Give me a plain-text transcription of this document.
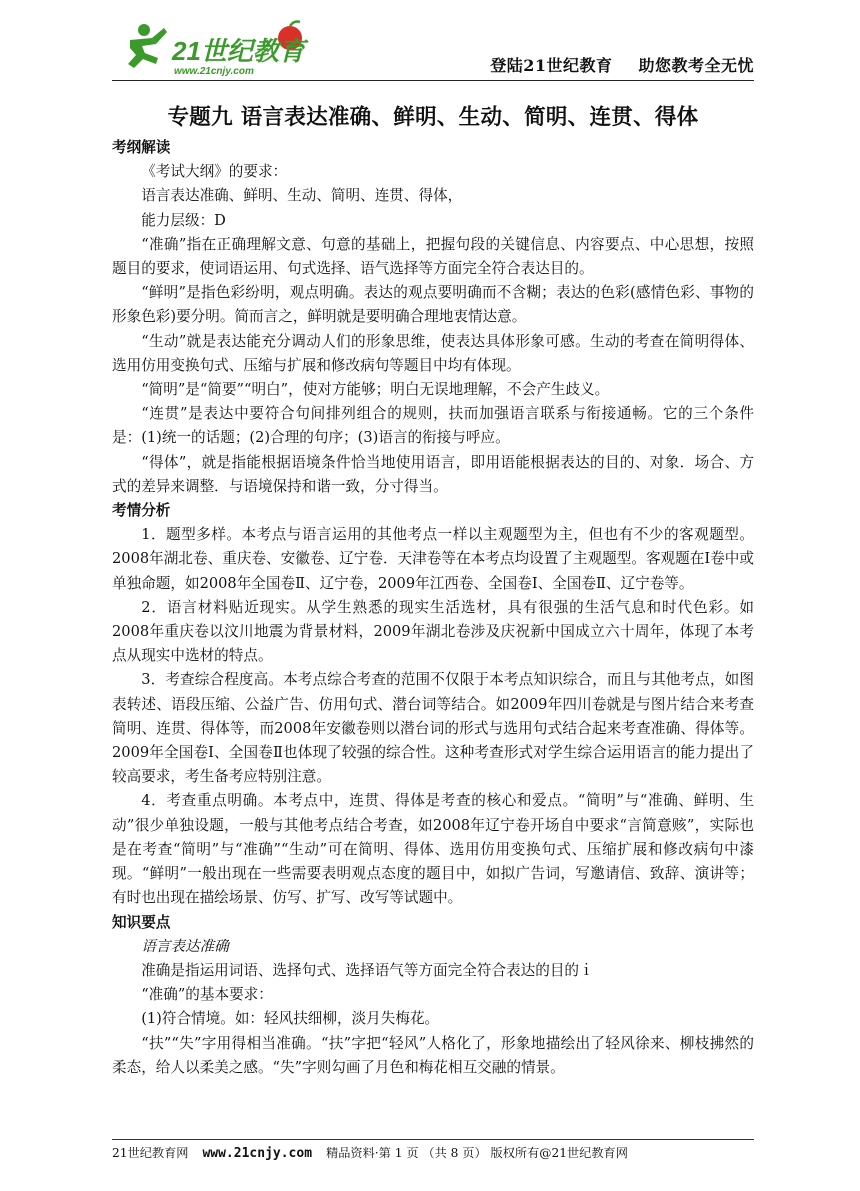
21世纪教育
www.21cnjy.com	登陆21世纪教育 助您教考全无忧
专题九 语言表达准确、鲜明、生动、简明、连贯、得体

考纲解读

《考试大纲》的要求：

语言表达准确、鲜明、生动、简明、连贯、得体，

能力层级：D

“准确”指在正确理解文意、句意的基础上，把握句段的关键信息、内容要点、中心思想，按照题目的要求，使词语运用、句式选择、语气选择等方面完全符合表达目的。

“鲜明”是指色彩纷明，观点明确。表达的观点要明确而不含糊；表达的色彩(感情色彩、事物的形象色彩)要分明。简而言之，鲜明就是要明确合理地衷情达意。

“生动”就是表达能充分调动人们的形象思维，使表达具体形象可感。生动的考查在简明得体、选用仿用变换句式、压缩与扩展和修改病句等题目中均有体现。

“简明”是“简要”“明白”，使对方能够；明白无误地理解，不会产生歧义。

“连贯”是表达中要符合句间排列组合的规则，扶而加强语言联系与衔接通畅。它的三个条件是：(1)统一的话题；(2)合理的句序；(3)语言的衔接与呼应。

“得体”，就是指能根据语境条件恰当地使用语言，即用语能根据表达的目的、对象．场合、方式的差异来调整．与语境保持和谐一致，分寸得当。

考情分析

1．题型多样。本考点与语言运用的其他考点一样以主观题型为主，但也有不少的客观题型。2008年湖北卷、重庆卷、安徽卷、辽宁卷．天津卷等在本考点均设置了主观题型。客观题在Ⅰ卷中或单独命题，如2008年全国卷Ⅱ、辽宁卷，2009年江西卷、全国卷Ⅰ、全国卷Ⅱ、辽宁卷等。

2．语言材料贴近现实。从学生熟悉的现实生活选材，具有很强的生活气息和时代色彩。如2008年重庆卷以汶川地震为背景材料，2009年湖北卷涉及庆祝新中国成立六十周年，体现了本考点从现实中选材的特点。

3．考查综合程度高。本考点综合考查的范围不仅限于本考点知识综合，而且与其他考点，如图表转述、语段压缩、公益广告、仿用句式、潜台词等结合。如2009年四川卷就是与图片结合来考查简明、连贯、得体等，而2008年安徽卷则以潜台词的形式与选用句式结合起来考查准确、得体等。2009年全国卷Ⅰ、全国卷Ⅱ也体现了较强的综合性。这种考查形式对学生综合运用语言的能力提出了较高要求，考生备考应特别注意。

4．考查重点明确。本考点中，连贯、得体是考查的核心和爱点。“简明”与“准确、鲜明、生动”很少单独设题，一般与其他考点结合考查，如2008年辽宁卷开场自中要求“言简意赅”，实际也是在考查“简明”与“准确”“生动”可在简明、得体、选用仿用变换句式、压缩扩展和修改病句中漆现。“鲜明”一般出现在一些需要表明观点态度的题目中，如拟广告词，写邀请信、致辞、演讲等；有时也出现在描绘场景、仿写、扩写、改写等试题中。

知识要点

语言表达准确

准确是指运用词语、选择句式、选择语气等方面完全符合表达的目的ｉ

“准确”的基本要求：

(1)符合情境。如：轻风扶细柳，淡月失梅花。

“扶”“失”字用得相当准确。“扶”字把“轻风”人格化了，形象地描绘出了轻风徐来、柳枝拂然的柔态，给人以柔美之感。“失”字则勾画了月色和梅花相互交融的情景。

21世纪教育网 www.21cnjy.com 精品资料·第 1 页 （共 8 页） 版权所有@21世纪教育网
